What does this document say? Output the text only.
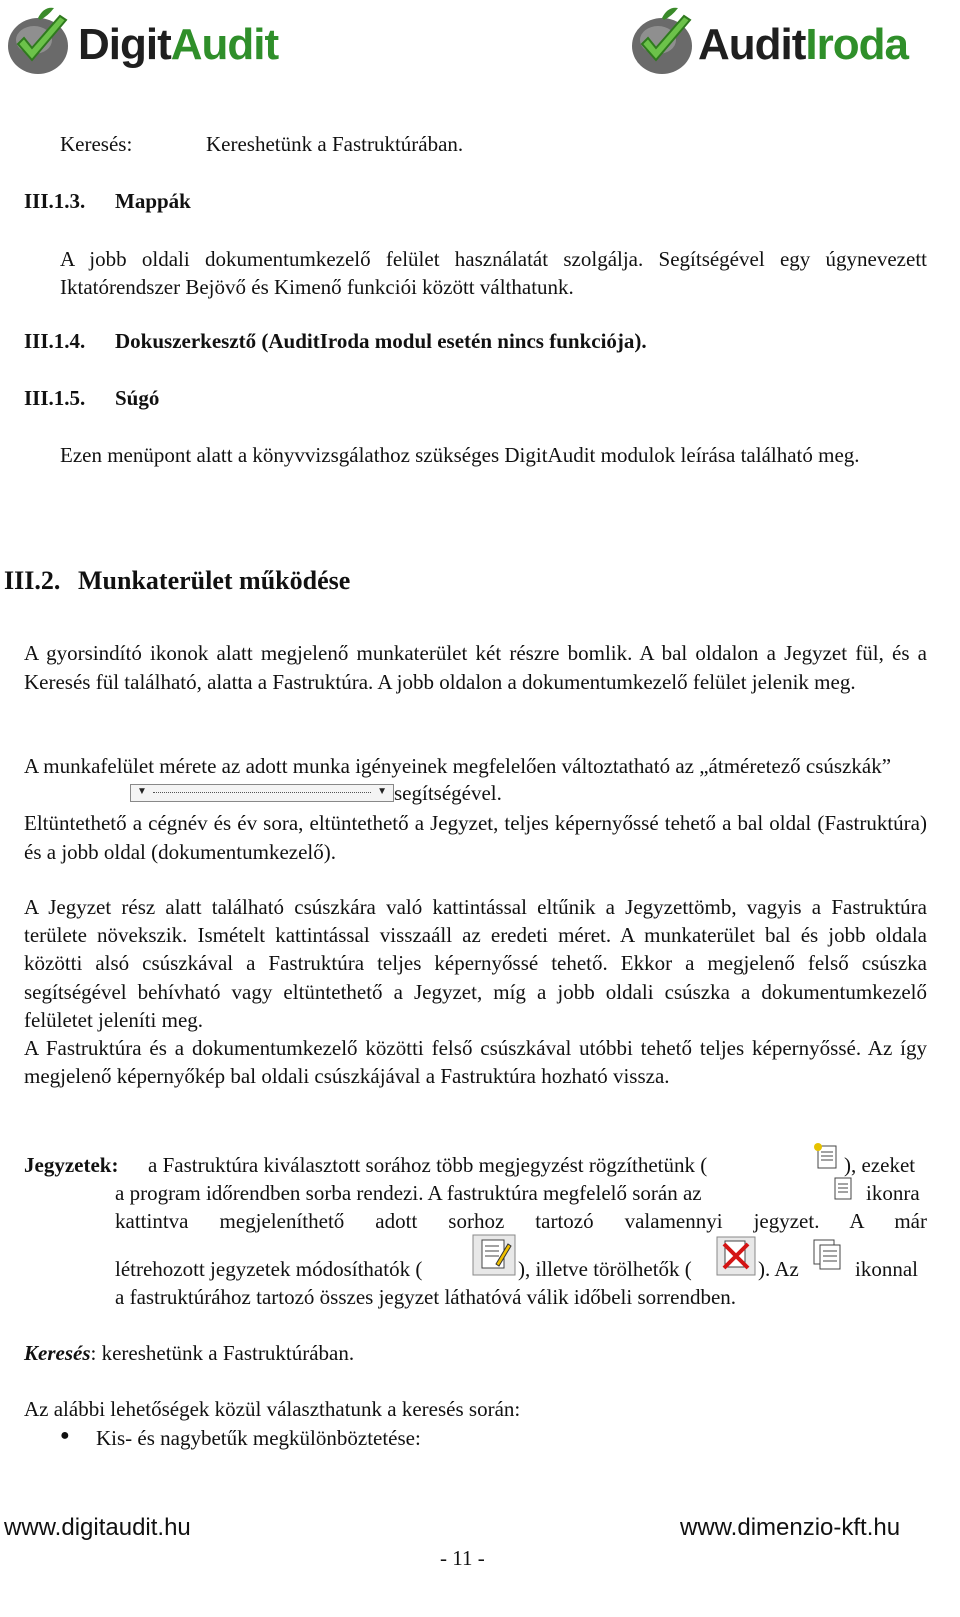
DigitAudit	AuditIroda
Keresés:	Kereshetünk a Fastruktúrában.
III.1.3. Mappák

A jobb oldali dokumentumkezelő felület használatát szolgálja. Segítségével egy úgynevezett Iktatórendszer Bejövő és Kimenő funkciói között válthatunk.

III.1.4. Dokuszerkesztő (AuditIroda modul esetén nincs funkciója).
III.1.5. Súgó

Ezen menüpont alatt a könyvvizsgálathoz szükséges DigitAudit modulok leírása található meg.

III.2. Munkaterület működése

A gyorsindító ikonok alatt megjelenő munkaterület két részre bomlik. A bal oldalon a Jegyzet fül, és a Keresés fül található, alatta a Fastruktúra. A jobb oldalon a dokumentumkezelő felület jelenik meg.

A munkafelület mérete az adott munka igényeinek megfelelően változtatható az „átméretező csúszkák”

▼	▼ segítségével.

Eltüntethető a cégnév és év sora, eltüntethető a Jegyzet, teljes képernyőssé tehető a bal oldal (Fastruktúra) és a jobb oldal (dokumentumkezelő).

A Jegyzet rész alatt található csúszkára való kattintással eltűnik a Jegyzettömb, vagyis a Fastruktúra területe növekszik. Ismételt kattintással visszaáll az eredeti méret. A munkaterület bal és jobb oldala közötti alsó csúszkával a Fastruktúra teljes képernyőssé tehető. Ekkor a megjelenő felső csúszka segítségével behívható vagy eltüntethető a Jegyzet, míg a jobb oldali csúszka a dokumentumkezelő felületet jeleníti meg.

A Fastruktúra és a dokumentumkezelő közötti felső csúszkával utóbbi tehető teljes képernyőssé. Az így megjelenő képernyőkép bal oldali csúszkájával a Fastruktúra hozható vissza.

Jegyzetek: a Fastruktúra kiválasztott sorához több megjegyzést rögzíthetünk (	), ezeket
a program időrendben sorba rendezi. A fastruktúra megfelelő során az	ikonra

kattintva megjeleníthető adott sorhoz tartozó valamennyi jegyzet. A már

létrehozott jegyzetek módosíthatók (	), illetve törölhetők (	). Az	ikonnal
a fastruktúrához tartozó összes jegyzet láthatóvá válik időbeli sorrendben.
Keresés: kereshetünk a Fastruktúrában.
Az alábbi lehetőségek közül választhatunk a keresés során:
● Kis- és nagybetűk megkülönböztetése:
www.digitaudit.hu	www.dimenzio-kft.hu
- 11 -
